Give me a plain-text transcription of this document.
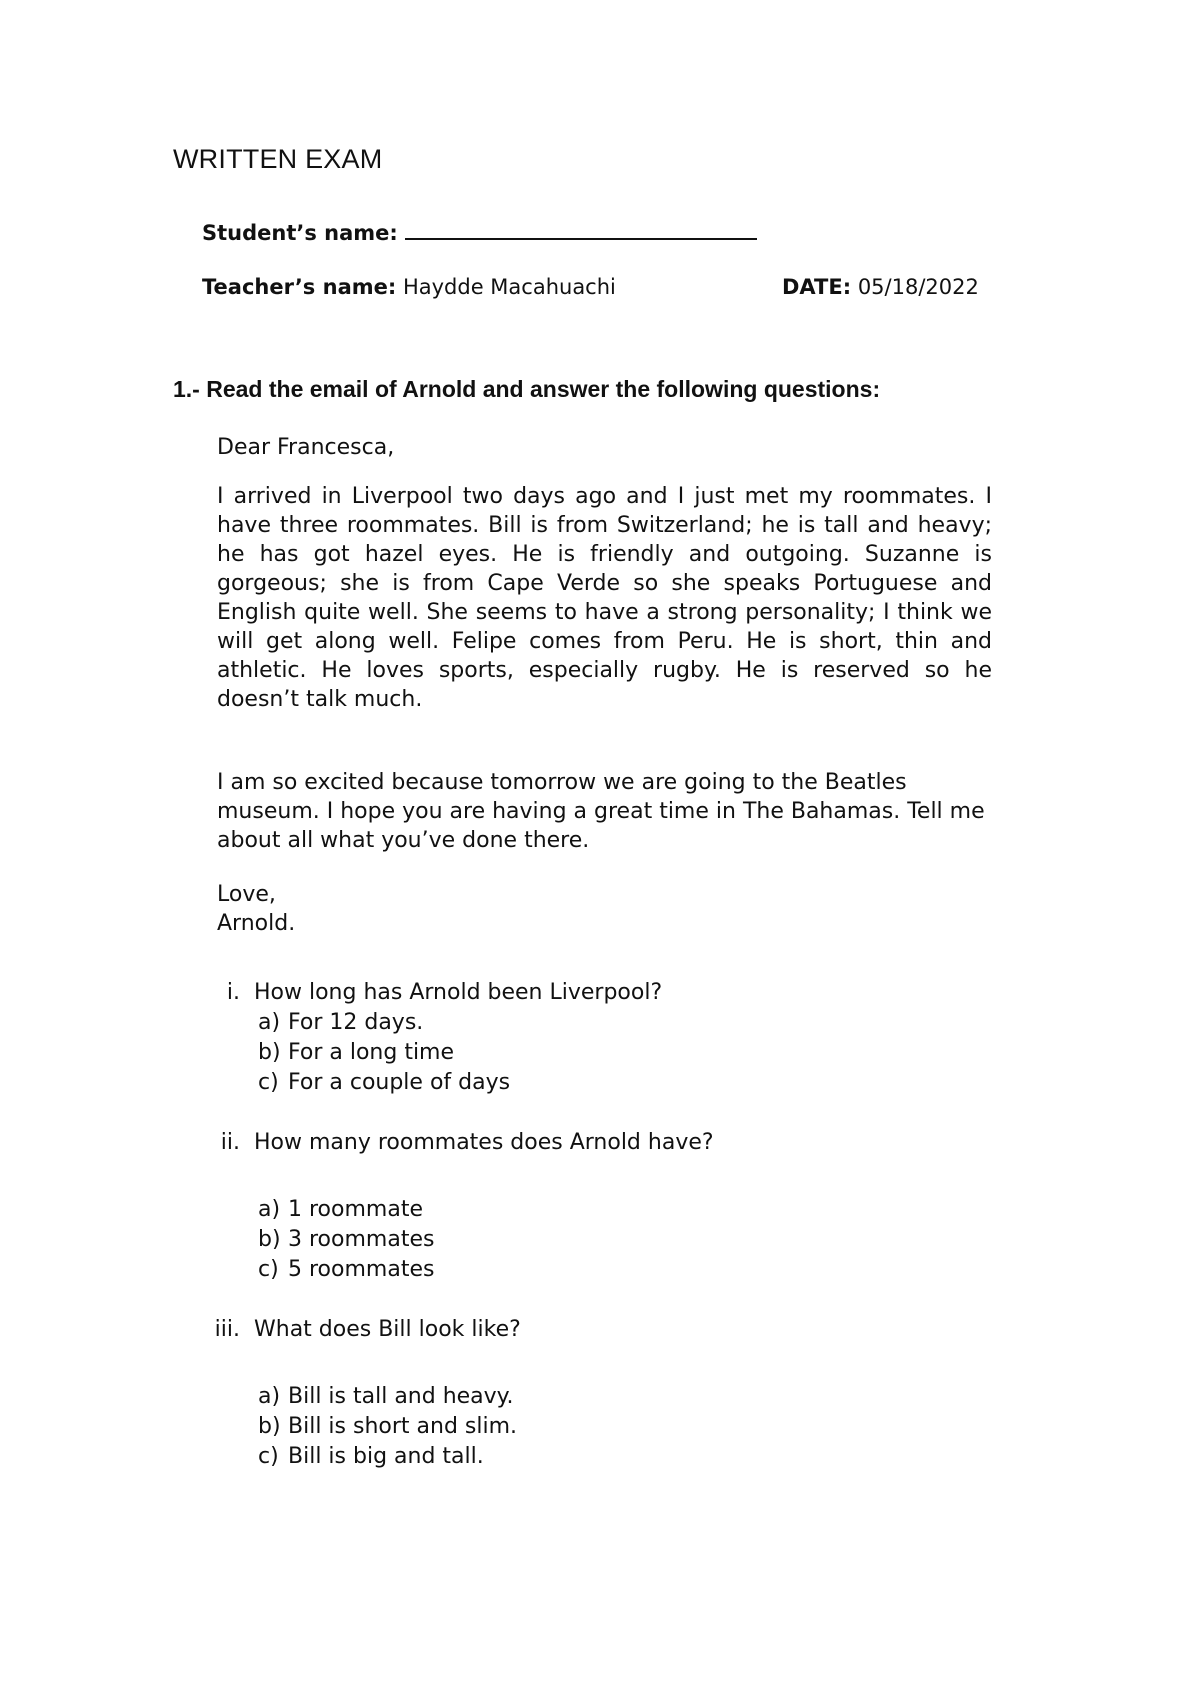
WRITTEN EXAM
Student’s name:
Teacher’s name: Haydde Macahuachi	DATE: 05/18/2022
1.- Read the email of Arnold and answer the following questions:
Dear Francesca,
I arrived in Liverpool two days ago and I just met my roommates. I have three roommates. Bill is from Switzerland; he is tall and heavy; he has got hazel eyes. He is friendly and outgoing. Suzanne is gorgeous; she is from Cape Verde so she speaks Portuguese and English quite well. She seems to have a strong personality; I think we will get along well. Felipe comes from Peru. He is short, thin and athletic. He loves sports, especially rugby. He is reserved so he doesn’t talk much.
I am so excited because tomorrow we are going to the Beatles museum. I hope you are having a great time in The Bahamas. Tell me about all what you’ve done there.
Love,
Arnold.
i. How long has Arnold been Liverpool?
a) For 12 days.
b) For a long time
c) For a couple of days
ii. How many roommates does Arnold have?
a) 1 roommate
b) 3 roommates
c) 5 roommates
iii. What does Bill look like?
a) Bill is tall and heavy.
b) Bill is short and slim.
c) Bill is big and tall.
